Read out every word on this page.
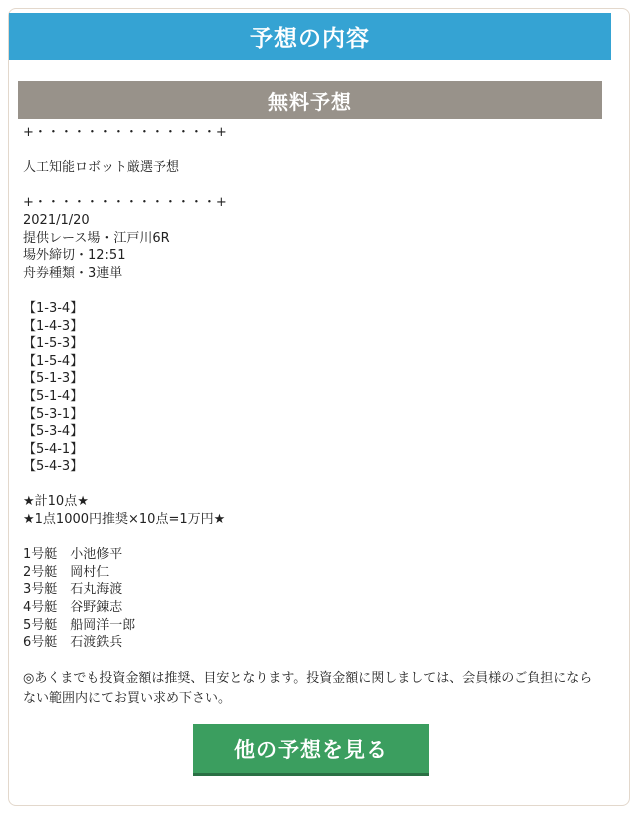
予想の内容
無料予想
+・・・・・・・・・・・・・・+
人工知能ロボット厳選予想
+・・・・・・・・・・・・・・+
2021/1/20
提供レース場・江戸川6R
場外締切・12:51
舟券種類・3連単
【1-3-4】
【1-4-3】
【1-5-3】
【1-5-4】
【5-1-3】
【5-1-4】
【5-3-1】
【5-3-4】
【5-4-1】
【5-4-3】
★計10点★
★1点1000円推奨×10点=1万円★
1号艇　小池修平
2号艇　岡村仁
3号艇　石丸海渡
4号艇　谷野錬志
5号艇　船岡洋一郎
6号艇　石渡鉄兵
◎あくまでも投資金額は推奨、目安となります。投資金額に関しましては、会員様のご負担にならない範囲内にてお買い求め下さい。
他の予想を見る
